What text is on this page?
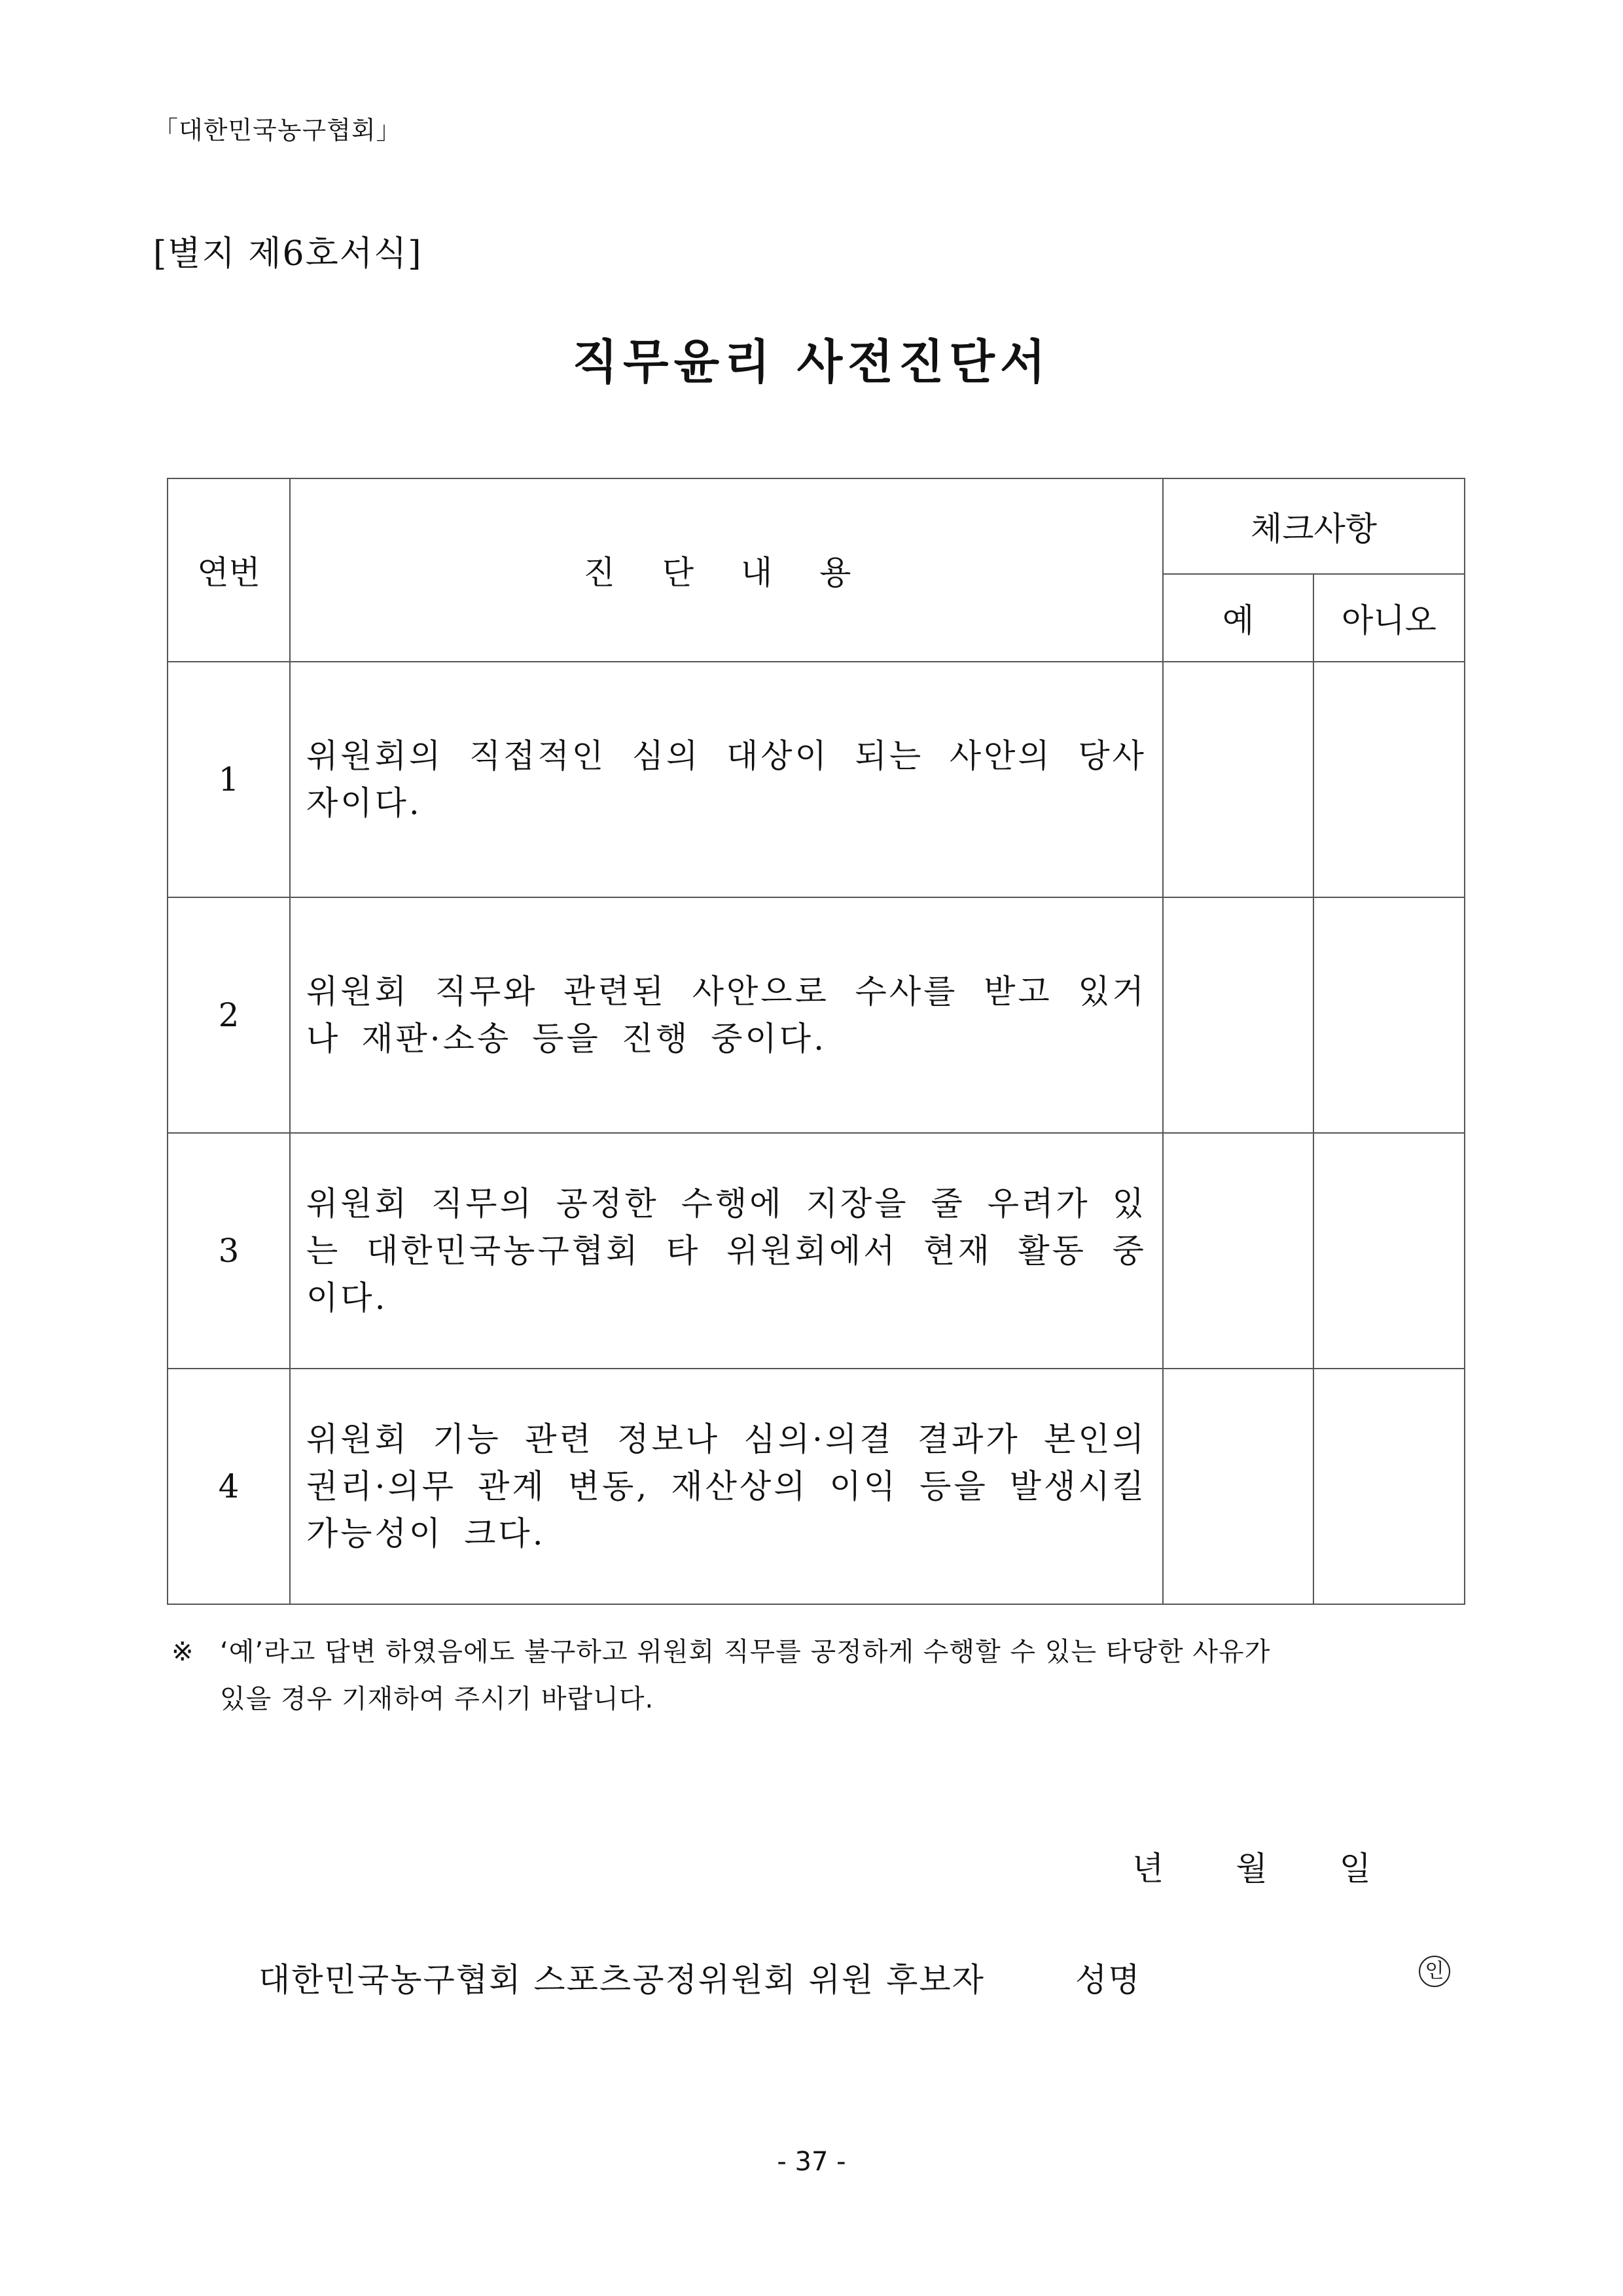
「대한민국농구협회」
[별지 제6호서식]
직무윤리 사전진단서
연번	진 단 내 용	체크사항	
		예	아니오
1	위원회의 직접적인 심의 대상이 되는 사안의 당사자이다.		
2	위원회 직무와 관련된 사안으로 수사를 받고 있거나 재판·소송 등을 진행 중이다.		
3	위원회 직무의 공정한 수행에 지장을 줄 우려가 있는 대한민국농구협회 타 위원회에서 현재 활동 중이다.		
4	위원회 기능 관련 정보나 심의·의결 결과가 본인의 권리·의무 관계 변동, 재산상의 이익 등을 발생시킬 가능성이 크다.		
※ ‘예’라고 답변 하였음에도 불구하고 위원회 직무를 공정하게 수행할 수 있는 타당한 사유가
있을 경우 기재하여 주시기 바랍니다.
년 월 일
대한민국농구협회 스포츠공정위원회 위원 후보자	성명	인
- 37 -
